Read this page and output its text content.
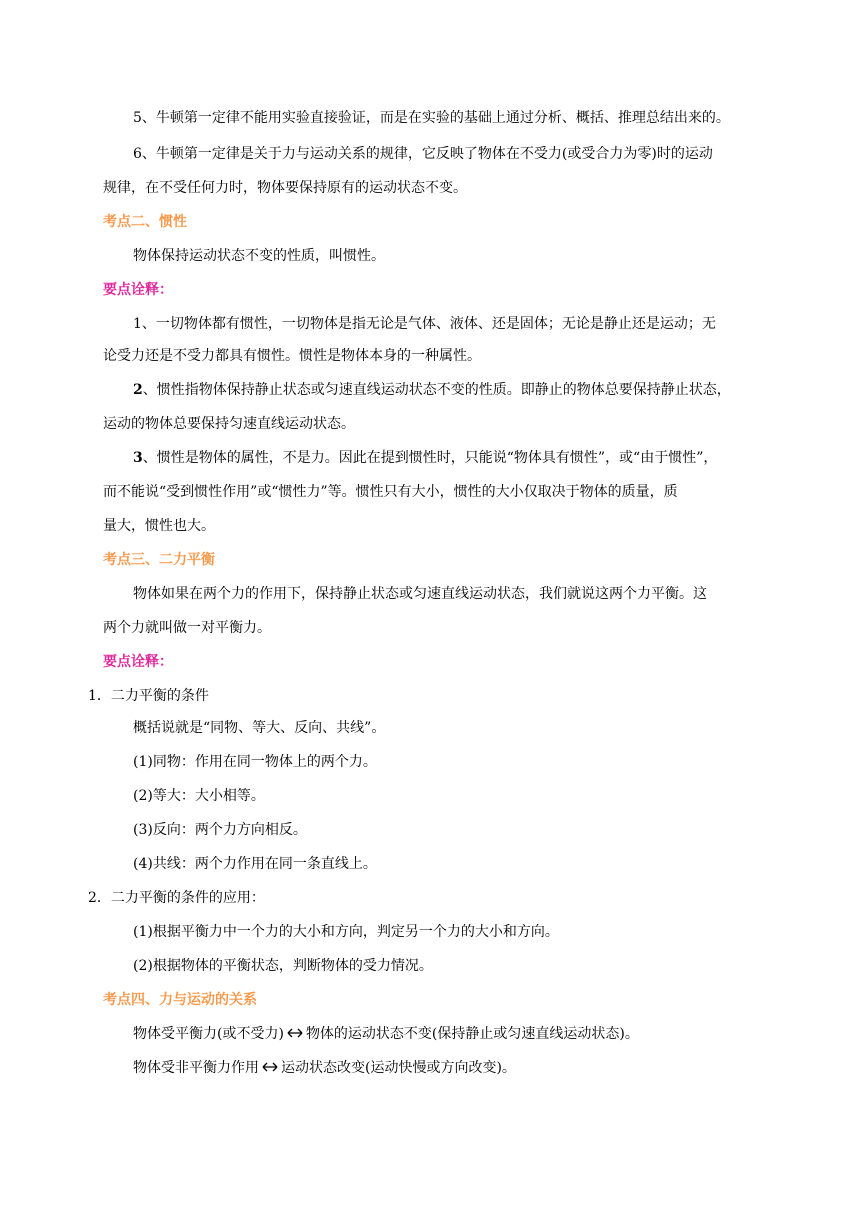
5、牛顿第一定律不能用实验直接验证，而是在实验的基础上通过分析、概括、推理总结出来的。
6、牛顿第一定律是关于力与运动关系的规律，它反映了物体在不受力(或受合力为零)时的运动
规律，在不受任何力时，物体要保持原有的运动状态不变。
考点二、惯性
物体保持运动状态不变的性质，叫惯性。
要点诠释：
1、一切物体都有惯性，一切物体是指无论是气体、液体、还是固体；无论是静止还是运动；无
论受力还是不受力都具有惯性。惯性是物体本身的一种属性。
2、惯性指物体保持静止状态或匀速直线运动状态不变的性质。即静止的物体总要保持静止状态，
运动的物体总要保持匀速直线运动状态。
3、惯性是物体的属性，不是力。因此在提到惯性时，只能说“物体具有惯性”，或“由于惯性”，
而不能说“受到惯性作用”或“惯性力”等。惯性只有大小，惯性的大小仅取决于物体的质量，质
量大，惯性也大。
考点三、二力平衡
物体如果在两个力的作用下，保持静止状态或匀速直线运动状态，我们就说这两个力平衡。这
两个力就叫做一对平衡力。
要点诠释：
1．二力平衡的条件
概括说就是“同物、等大、反向、共线”。
(1)同物：作用在同一物体上的两个力。
(2)等大：大小相等。
(3)反向：两个力方向相反。
(4)共线：两个力作用在同一条直线上。
2．二力平衡的条件的应用：
(1)根据平衡力中一个力的大小和方向，判定另一个力的大小和方向。
(2)根据物体的平衡状态，判断物体的受力情况。
考点四、力与运动的关系
物体受平衡力(或不受力) 物体的运动状态不变(保持静止或匀速直线运动状态)。
物体受非平衡力作用 运动状态改变(运动快慢或方向改变)。
